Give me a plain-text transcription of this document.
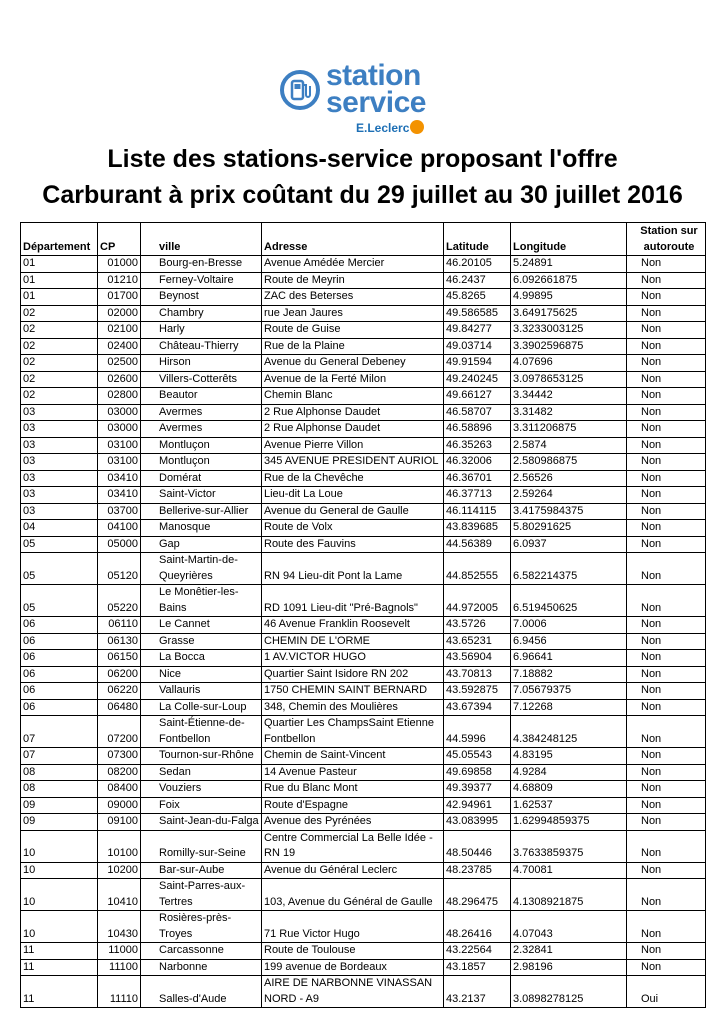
station
service
E.Leclerc
Liste des stations-service proposant l'offre
Carburant à prix coûtant du 29 juillet au 30 juillet 2016
Département	CP	ville	Adresse	Latitude	Longitude	Station sur autoroute
01	01000	Bourg-en-Bresse	Avenue Amédée Mercier	46.20105	5.24891	Non
01	01210	Ferney-Voltaire	Route de Meyrin	46.2437	6.092661875	Non
01	01700	Beynost	ZAC des Beterses	45.8265	4.99895	Non
02	02000	Chambry	rue Jean Jaures	49.586585	3.649175625	Non
02	02100	Harly	Route de Guise	49.84277	3.3233003125	Non
02	02400	Château-Thierry	Rue de la Plaine	49.03714	3.3902596875	Non
02	02500	Hirson	Avenue du General Debeney	49.91594	4.07696	Non
02	02600	Villers-Cotterêts	Avenue de la Ferté Milon	49.240245	3.0978653125	Non
02	02800	Beautor	Chemin Blanc	49.66127	3.34442	Non
03	03000	Avermes	2 Rue Alphonse Daudet	46.58707	3.31482	Non
03	03000	Avermes	2 Rue Alphonse Daudet	46.58896	3.311206875	Non
03	03100	Montluçon	Avenue Pierre Villon	46.35263	2.5874	Non
03	03100	Montluçon	345 AVENUE PRESIDENT AURIOL	46.32006	2.580986875	Non
03	03410	Domérat	Rue de la Chevêche	46.36701	2.56526	Non
03	03410	Saint-Victor	Lieu-dit La Loue	46.37713	2.59264	Non
03	03700	Bellerive-sur-Allier	Avenue du General de Gaulle	46.114115	3.4175984375	Non
04	04100	Manosque	Route de Volx	43.839685	5.80291625	Non
05	05000	Gap	Route des Fauvins	44.56389	6.0937	Non
05	05120	Saint-Martin-de-Queyrières	RN 94 Lieu-dit Pont la Lame	44.852555	6.582214375	Non
05	05220	Le Monêtier-les-Bains	RD 1091 Lieu-dit "Pré-Bagnols"	44.972005	6.519450625	Non
06	06110	Le Cannet	46 Avenue Franklin Roosevelt	43.5726	7.0006	Non
06	06130	Grasse	CHEMIN DE L'ORME	43.65231	6.9456	Non
06	06150	La Bocca	1 AV.VICTOR HUGO	43.56904	6.96641	Non
06	06200	Nice	Quartier Saint Isidore RN 202	43.70813	7.18882	Non
06	06220	Vallauris	1750 CHEMIN SAINT BERNARD	43.592875	7.05679375	Non
06	06480	La Colle-sur-Loup	348, Chemin des Moulières	43.67394	7.12268	Non
07	07200	Saint-Étienne-de-Fontbellon	Quartier Les ChampsSaint Etienne Fontbellon	44.5996	4.384248125	Non
07	07300	Tournon-sur-Rhône	Chemin de Saint-Vincent	45.05543	4.83195	Non
08	08200	Sedan	14 Avenue Pasteur	49.69858	4.9284	Non
08	08400	Vouziers	Rue du Blanc Mont	49.39377	4.68809	Non
09	09000	Foix	Route d'Espagne	42.94961	1.62537	Non
09	09100	Saint-Jean-du-Falga	Avenue des Pyrénées	43.083995	1.62994859375	Non
10	10100	Romilly-sur-Seine	Centre Commercial La Belle Idée - RN 19	48.50446	3.7633859375	Non
10	10200	Bar-sur-Aube	Avenue du Général Leclerc	48.23785	4.70081	Non
10	10410	Saint-Parres-aux-Tertres	103, Avenue du Général de Gaulle	48.296475	4.1308921875	Non
10	10430	Rosières-près-Troyes	71 Rue Victor Hugo	48.26416	4.07043	Non
11	11000	Carcassonne	Route de Toulouse	43.22564	2.32841	Non
11	11100	Narbonne	199 avenue de Bordeaux	43.1857	2.98196	Non
11	11110	Salles-d'Aude	AIRE DE NARBONNE VINASSAN NORD - A9	43.2137	3.0898278125	Oui
